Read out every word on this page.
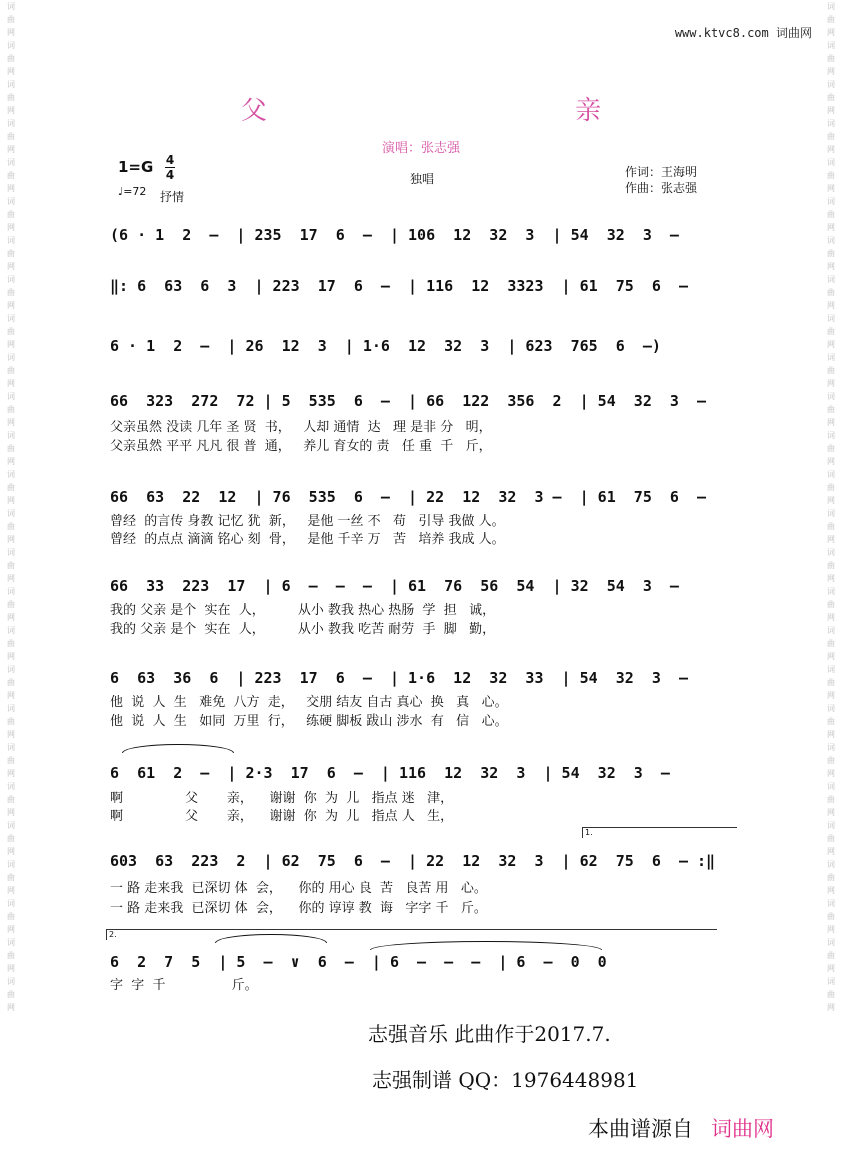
词曲网词曲网词曲网词曲网词曲网词曲网词曲网词曲网词曲网词曲网词曲网词曲网词曲网词曲网词曲网词曲网词曲网词曲网词曲网词曲网词曲网词曲网词曲网词曲网词曲网词曲网
词曲网词曲网词曲网词曲网词曲网词曲网词曲网词曲网词曲网词曲网词曲网词曲网词曲网词曲网词曲网词曲网词曲网词曲网词曲网词曲网词曲网词曲网词曲网词曲网词曲网词曲网
www.ktvc8.com 词曲网
父 亲
演唱：张志强
1=G 4
4
♩=72 抒情
独唱	作词：王海明
作曲：张志强
(6 · 1  2  –  | 235  17  6  –  | 106  12  32  3  | 54  32  3  –
‖: 6  63  6  3  | 223  17  6  –  | 116  12  3323  | 61  75  6  –
6 · 1  2  –  | 26  12  3  | 1·6  12  32  3  | 623  765  6  –)
66  323  272  72 | 5  535  6  –  | 66  122  356  2  | 54  32  3  –
父亲虽然 没读 几年 圣 贤  书，   人却 通情  达   理 是非 分   明，
父亲虽然 平平 凡凡 很 普  通，   养儿 育女的 责   任 重  千   斤，
66  63  22  12  | 76  535  6  –  | 22  12  32  3 –  | 61  75  6  –
曾经  的言传 身教 记忆 犹  新，   是他 一丝 不   苟   引导 我做 人。
曾经  的点点 滴滴 铭心 刻  骨，   是他 千辛 万   苦   培养 我成 人。
66  33  223  17  | 6  –  –  –  | 61  76  56  54  | 32  54  3  –
我的 父亲 是个  实在  人，        从小 教我 热心 热肠  学  担   诚，
我的 父亲 是个  实在  人，        从小 教我 吃苦 耐劳  手  脚   勤，
6  63  36  6  | 223  17  6  –  | 1·6  12  32  33  | 54  32  3  –
他  说  人  生   难免  八方  走，   交朋 结友 自古 真心  换   真   心。
他  说  人  生   如同  万里  行，   练硬 脚板 跋山 涉水  有   信   心。
6  61  2  –  | 2·3  17  6  –  | 116  12  32  3  | 54  32  3  –
啊               父       亲，    谢谢  你  为  儿   指点 迷   津，
啊               父       亲，    谢谢  你  为  儿   指点 人   生，
1.
603  63  223  2  | 62  75  6  –  | 22  12  32  3  | 62  75  6  – :‖
一 路 走来我  已深切 体  会，    你的 用心 良  苦   良苦 用   心。
一 路 走来我  已深切 体  会，    你的 谆谆 教  诲   字字 千   斤。
2.
6  2  7  5  | 5  –  ∨  6  –  | 6  –  –  –  | 6  –  0  0
字  字  千                斤。
志强音乐 此曲作于2017.7.
志强制谱 QQ：1976448981
本曲谱源自 词曲网
